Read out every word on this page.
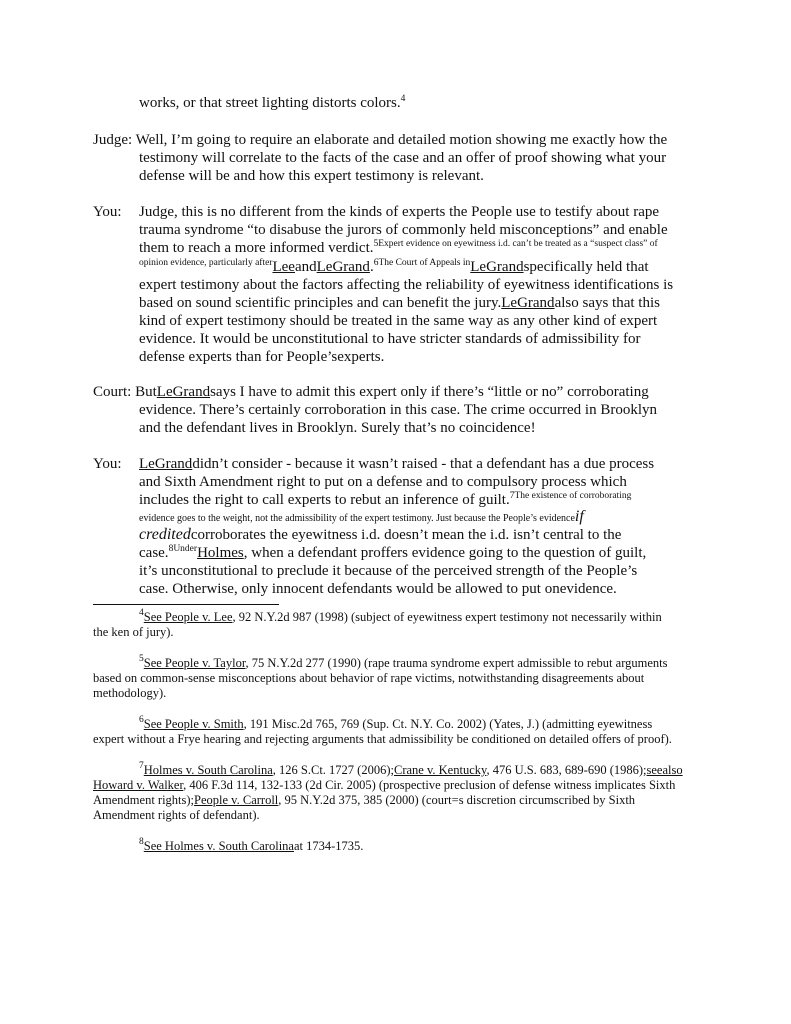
works, or that street lighting distorts colors.$^4$
Judge: Well, I’m going to require an elaborate and detailed motion showing me exactly how the
testimony will correlate to the facts of the case and an offer of proof showing what your
defense will be and how this expert testimony is relevant.
You: Judge, this is no different from the kinds of experts the People use to testify about rape
trauma syndrome “to disabuse the jurors of commonly held misconceptions” and enable
them to reach a more informed verdict.$^{5Expert evidence on eyewitness i.d. can’t be treated as a “suspect class” of}$
$^{opinion evidence, particularly after}$LeeandLeGrand.$^{6The Court of Appeals in}$LeGrandspecifically held that
expert testimony about the factors affecting the reliability of eyewitness identifications is
based on sound scientific principles and can benefit the jury.LeGrandalso says that this
kind of expert testimony should be treated in the same way as any other kind of expert
evidence. It would be unconstitutional to have stricter standards of admissibility for
defense experts than for People’sexperts.
Court: ButLeGrandsays I have to admit this expert only if there’s “little or no” corroborating
evidence. There’s certainly corroboration in this case. The crime occurred in Brooklyn
and the defendant lives in Brooklyn. Surely that’s no coincidence!
You: LeGranddidn’t consider - because it wasn’t raised - that a defendant has a due process
and Sixth Amendment right to put on a defense and to compulsory process which
includes the right to call experts to rebut an inference of guilt.$^{7The existence of corroborating}$
evidence goes to the weight, not the admissibility of the expert testimony. Just because the People’s evidenceif
creditedcorroborates the eyewitness i.d. doesn’t mean the i.d. isn’t central to the
case.$^{8Under}$Holmes, when a defendant proffers evidence going to the question of guilt,
it’s unconstitutional to preclude it because of the perceived strength of the People’s
case. Otherwise, only innocent defendants would be allowed to put onevidence.
$^4$See People v. Lee, 92 N.Y.2d 987 (1998) (subject of eyewitness expert testimony not necessarily within
the ken of jury).
$^5$See People v. Taylor, 75 N.Y.2d 277 (1990) (rape trauma syndrome expert admissible to rebut arguments
based on common-sense misconceptions about behavior of rape victims, notwithstanding disagreements about
methodology).
$^6$See People v. Smith, 191 Misc.2d 765, 769 (Sup. Ct. N.Y. Co. 2002) (Yates, J.) (admitting eyewitness
expert without a Frye hearing and rejecting arguments that admissibility be conditioned on detailed offers of proof).
$^7$Holmes v. South Carolina, 126 S.Ct. 1727 (2006);Crane v. Kentucky, 476 U.S. 683, 689-690 (1986);seealso
Howard v. Walker, 406 F.3d 114, 132-133 (2d Cir. 2005) (prospective preclusion of defense witness implicates Sixth
Amendment rights);People v. Carroll, 95 N.Y.2d 375, 385 (2000) (court=s discretion circumscribed by Sixth
Amendment rights of defendant).
$^8$See Holmes v. South Carolinaat 1734-1735.
